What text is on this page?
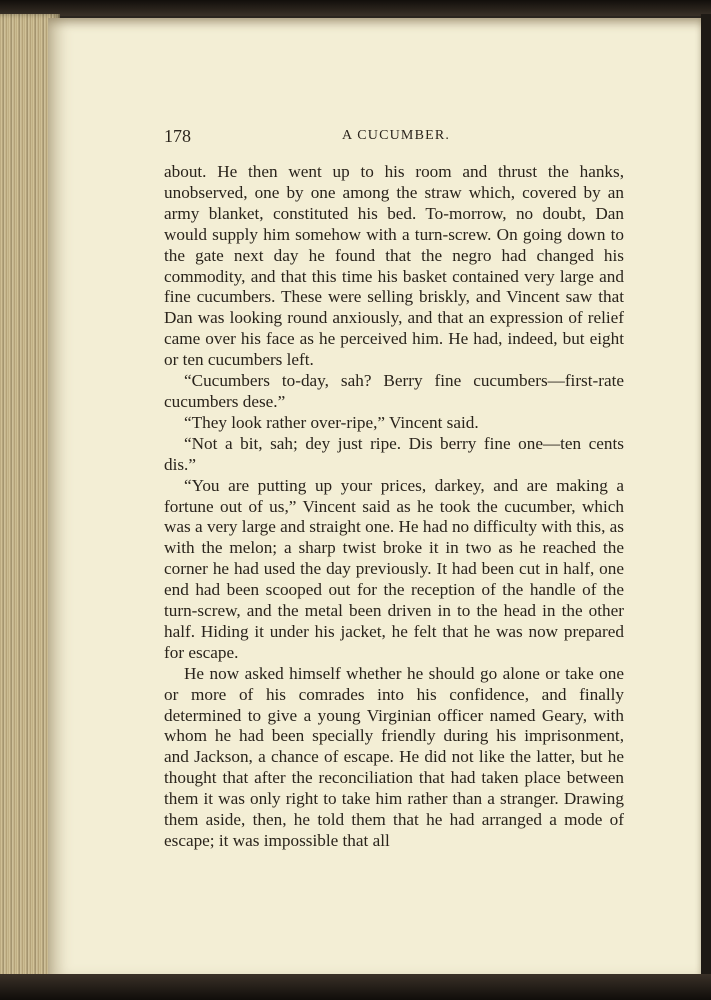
178	A CUCUMBER.

about. He then went up to his room and thrust the hanks, unobserved, one by one among the straw which, covered by an army blanket, constituted his bed. To-morrow, no doubt, Dan would supply him somehow with a turn-screw. On going down to the gate next day he found that the negro had changed his commodity, and that this time his basket contained very large and fine cucumbers. These were selling briskly, and Vincent saw that Dan was looking round anxiously, and that an expression of relief came over his face as he perceived him. He had, indeed, but eight or ten cucumbers left.

“Cucumbers to-day, sah? Berry fine cucumbers—first-rate cucumbers dese.”

“They look rather over-ripe,” Vincent said.

“Not a bit, sah; dey just ripe. Dis berry fine one—ten cents dis.”

“You are putting up your prices, darkey, and are making a fortune out of us,” Vincent said as he took the cucumber, which was a very large and straight one. He had no difficulty with this, as with the melon; a sharp twist broke it in two as he reached the corner he had used the day previously. It had been cut in half, one end had been scooped out for the reception of the handle of the turn-screw, and the metal been driven in to the head in the other half. Hiding it under his jacket, he felt that he was now prepared for escape.

He now asked himself whether he should go alone or take one or more of his comrades into his confidence, and finally determined to give a young Virginian officer named Geary, with whom he had been specially friendly during his imprisonment, and Jackson, a chance of escape. He did not like the latter, but he thought that after the reconciliation that had taken place between them it was only right to take him rather than a stranger. Drawing them aside, then, he told them that he had arranged a mode of escape; it was impossible that all
